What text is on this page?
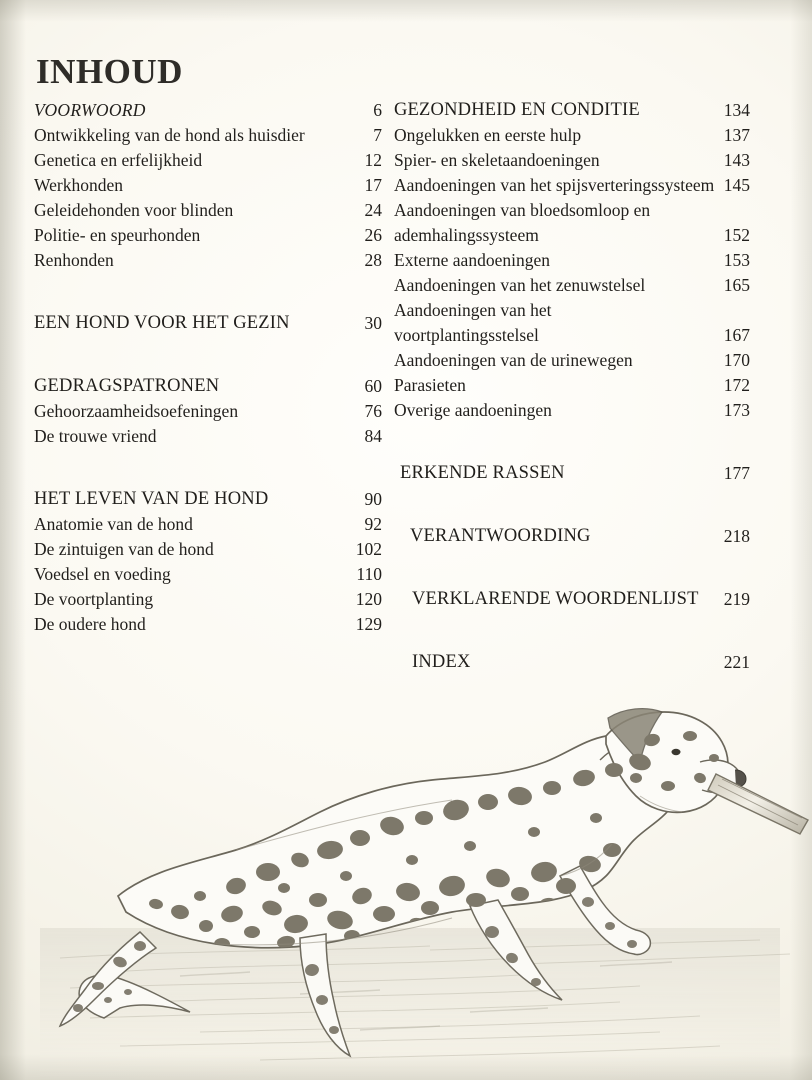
INHOUD
VOORWOORD	6
Ontwikkeling van de hond als huisdier	7
Genetica en erfelijkheid	12
Werkhonden	17
Geleidehonden voor blinden	24
Politie- en speurhonden	26
Renhonden	28
EEN HOND VOOR HET GEZIN	30
GEDRAGSPATRONEN	60
Gehoorzaamheidsoefeningen	76
De trouwe vriend	84
HET LEVEN VAN DE HOND	90
Anatomie van de hond	92
De zintuigen van de hond	102
Voedsel en voeding	110
De voortplanting	120
De oudere hond	129
GEZONDHEID EN CONDITIE	134
Ongelukken en eerste hulp	137
Spier- en skeletaandoeningen	143
Aandoeningen van het spijsverteringssysteem 145
Aandoeningen van bloedsomloop en
ademhalingssysteem	152
Externe aandoeningen	153
Aandoeningen van het zenuwstelsel	165
Aandoeningen van het
voortplantingsstelsel	167
Aandoeningen van de urinewegen	170
Parasieten	172
Overige aandoeningen	173
ERKENDE RASSEN	177
VERANTWOORDING	218
VERKLARENDE WOORDENLIJST	219
INDEX	221
